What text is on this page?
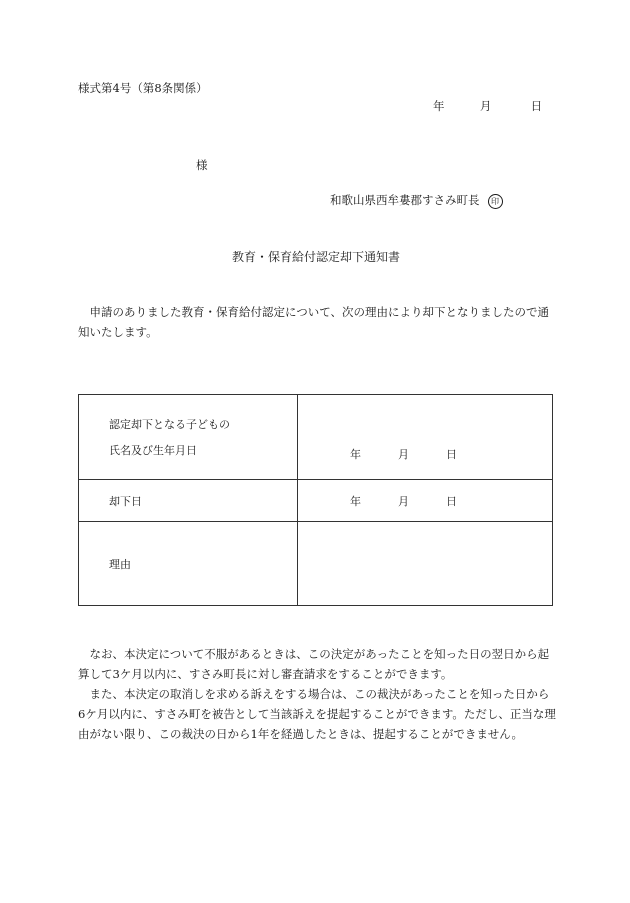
様式第4号（第8条関係）
年	月	日
様
和歌山県西牟婁郡すさみ町長 印
教育・保育給付認定却下通知書
申請のありました教育・保育給付認定について、次の理由により却下となりましたので通知いたします。
認定却下となる子どもの
氏名及び生年月日	年 月 日

却下日	年 月 日

理由	
なお、本決定について不服があるときは、この決定があったことを知った日の翌日から起算して3ケ月以内に、すさみ町長に対し審査請求をすることができます。
また、本決定の取消しを求める訴えをする場合は、この裁決があったことを知った日から6ケ月以内に、すさみ町を被告として当該訴えを提起することができます。ただし、正当な理由がない限り、この裁決の日から1年を経過したときは、提起することができません。
